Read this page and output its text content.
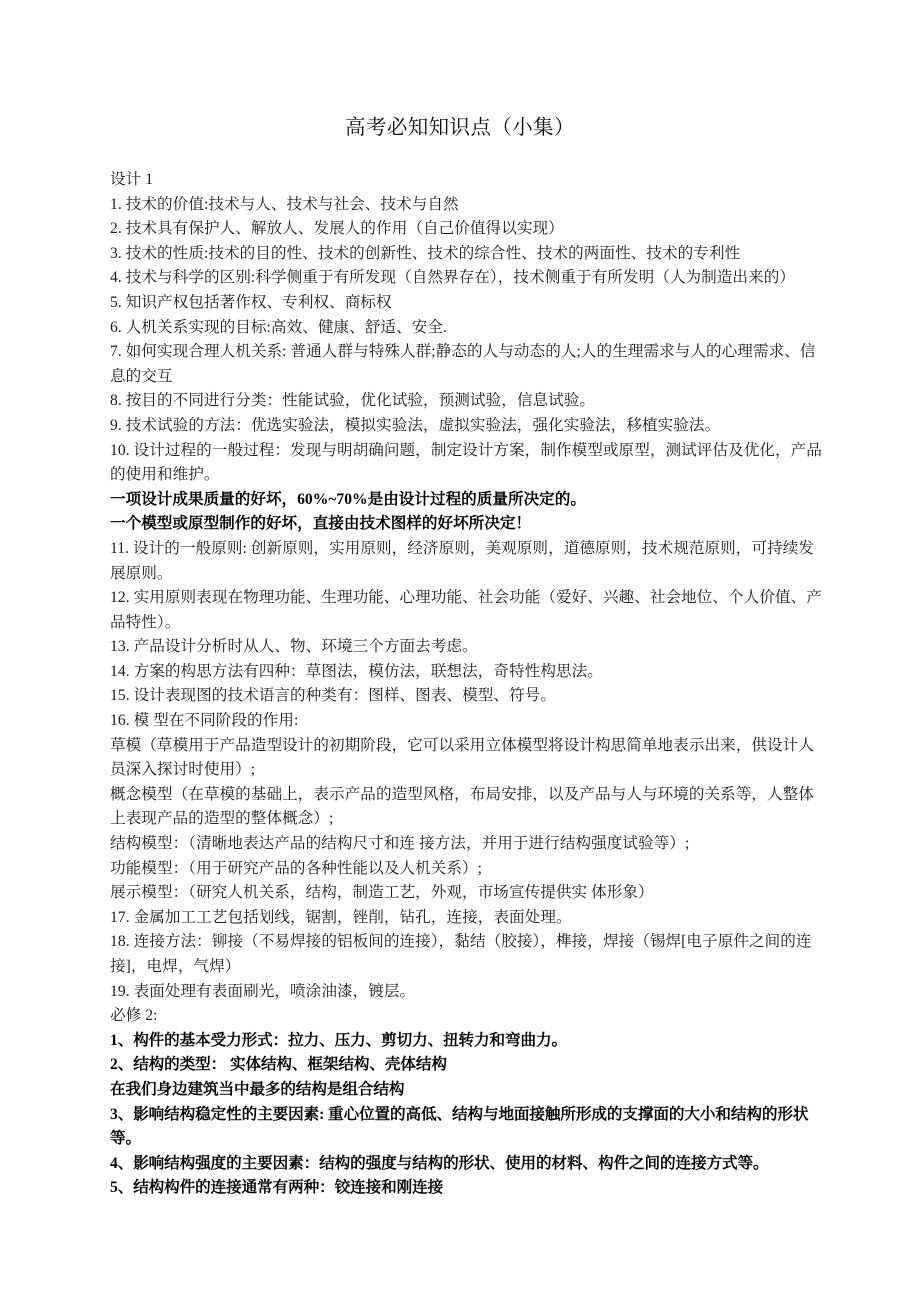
高考必知知识点（小集）
设计 1
1. 技术的价值:技术与人、技术与社会、技术与自然
2. 技术具有保护人、解放人、发展人的作用（自己价值得以实现）
3. 技术的性质:技术的目的性、技术的创新性、技术的综合性、技术的两面性、技术的专利性
4. 技术与科学的区别:科学侧重于有所发现（自然界存在），技术侧重于有所发明（人为制造出来的）
5. 知识产权包括著作权、专利权、商标权
6. 人机关系实现的目标:高效、健康、舒适、安全.
7. 如何实现合理人机关系: 普通人群与特殊人群;静态的人与动态的人;人的生理需求与人的心理需求、信息的交互
8. 按目的不同进行分类：性能试验，优化试验，预测试验，信息试验。
9. 技术试验的方法：优选实验法，模拟实验法，虚拟实验法，强化实验法，移植实验法。
10. 设计过程的一般过程：发现与明胡确问题，制定设计方案，制作模型或原型，测试评估及优化，产品的使用和维护。
一项设计成果质量的好坏，60%~70%是由设计过程的质量所决定的。
一个模型或原型制作的好坏，直接由技术图样的好坏所决定！
11. 设计的一般原则: 创新原则，实用原则，经济原则，美观原则，道德原则，技术规范原则，可持续发展原则。
12. 实用原则表现在物理功能、生理功能、心理功能、社会功能（爱好、兴趣、社会地位、个人价值、产品特性）。
13. 产品设计分析时从人、物、环境三个方面去考虑。
14. 方案的构思方法有四种：草图法，模仿法，联想法，奇特性构思法。
15. 设计表现图的技术语言的种类有：图样、图表、模型、符号。
16. 模 型在不同阶段的作用:
草模（草模用于产品造型设计的初期阶段，它可以采用立体模型将设计构思简单地表示出来，供设计人员深入探讨时使用）;
概念模型（在草模的基础上，表示产品的造型风格，布局安排，以及产品与人与环境的关系等，人整体上表现产品的造型的整体概念）;
结构模型：（清晰地表达产品的结构尺寸和连 接方法，并用于进行结构强度试验等）;
功能模型：（用于研究产品的各种性能以及人机关系）;
展示模型：（研究人机关系，结构，制造工艺，外观，市场宣传提供实 体形象）
17. 金属加工工艺包括划线，锯割，锉削，钻孔，连接，表面处理。
18. 连接方法：铆接（不易焊接的铝板间的连接），黏结（胶接），榫接，焊接（锡焊[电子原件之间的连接]，电焊，气焊）
19. 表面处理有表面刷光，喷涂油漆，镀层。
必修 2:
1、构件的基本受力形式：拉力、压力、剪切力、扭转力和弯曲力。
2、结构的类型： 实体结构、框架结构、壳体结构
在我们身边建筑当中最多的结构是组合结构
3、影响结构稳定性的主要因素: 重心位置的高低、结构与地面接触所形成的支撑面的大小和结构的形状等。
4、影响结构强度的主要因素：结构的强度与结构的形状、使用的材料、构件之间的连接方式等。
5、结构构件的连接通常有两种：铰连接和刚连接
